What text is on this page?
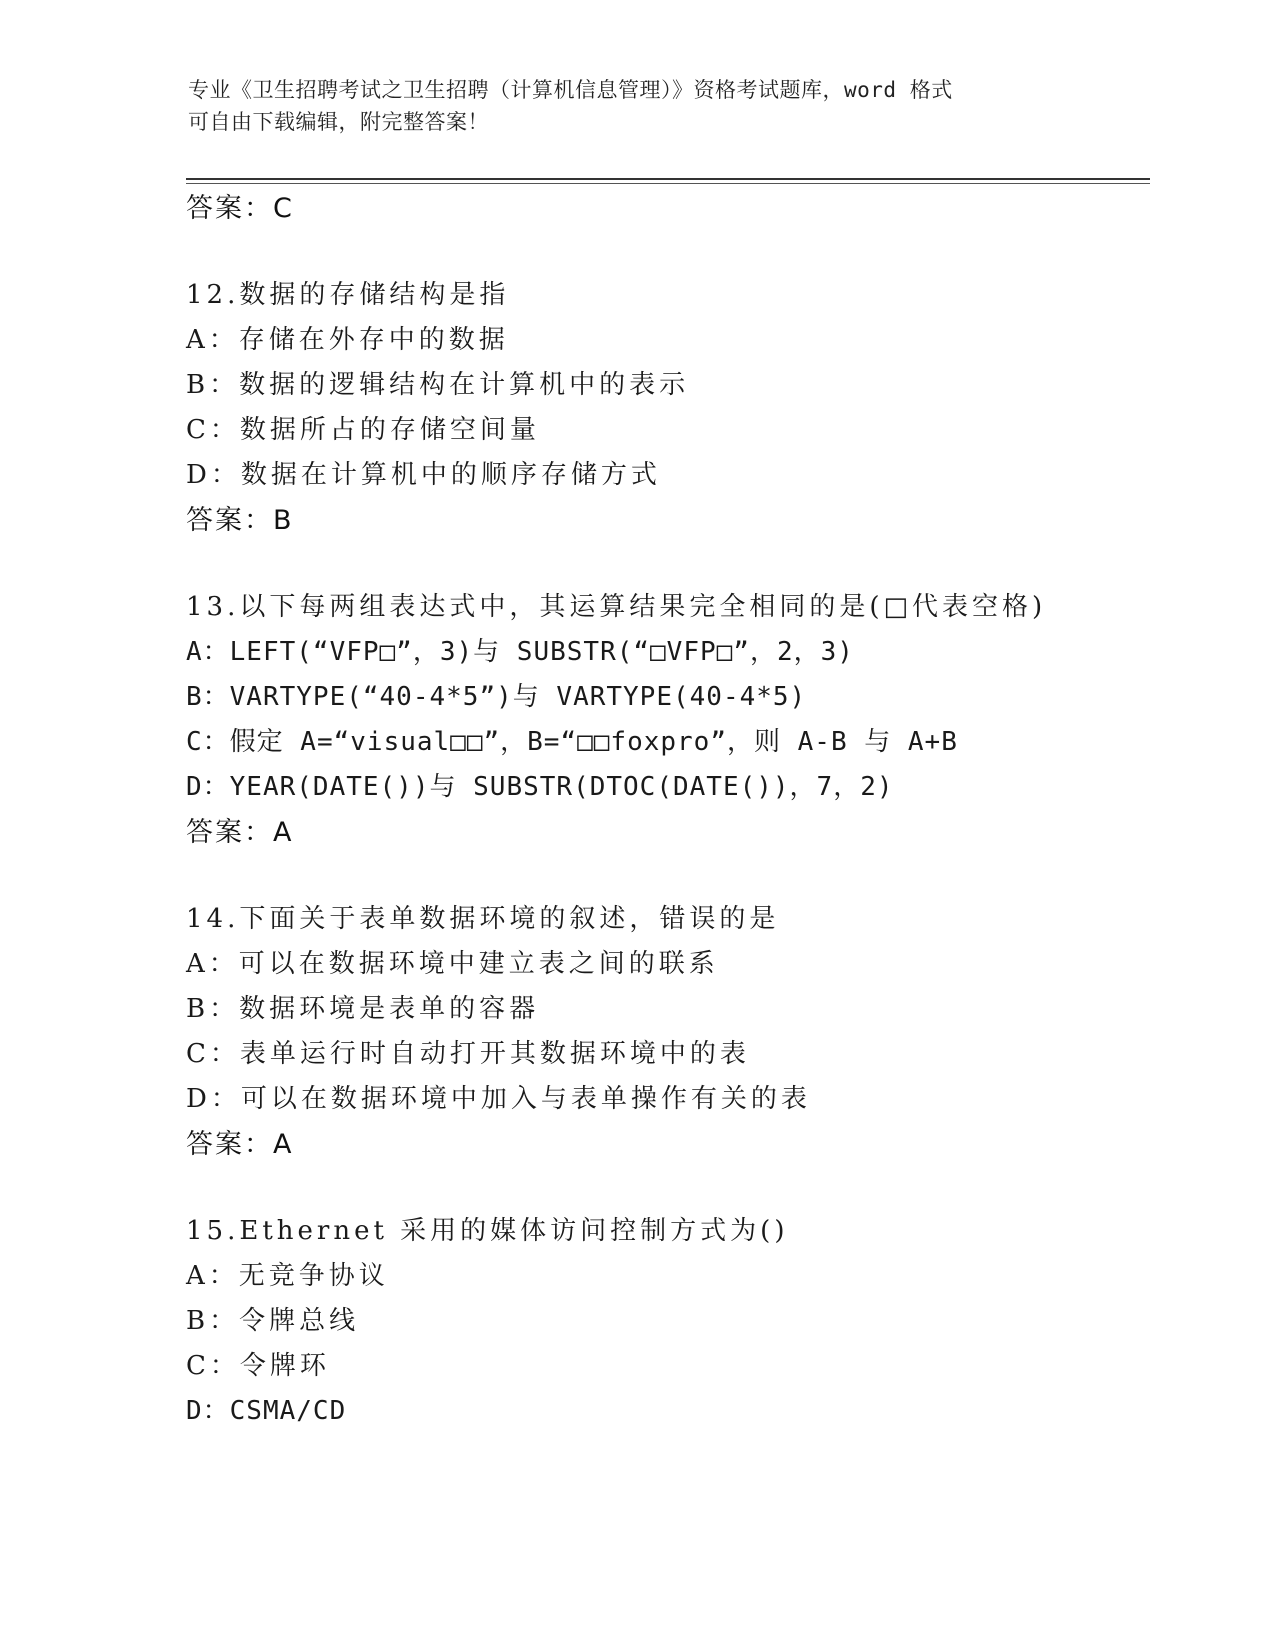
专业《卫生招聘考试之卫生招聘（计算机信息管理）》资格考试题库，word 格式
可自由下载编辑，附完整答案！
答案：C
12.数据的存储结构是指
A：存储在外存中的数据
B：数据的逻辑结构在计算机中的表示
C：数据所占的存储空间量
D：数据在计算机中的顺序存储方式
答案：B
13.以下每两组表达式中，其运算结果完全相同的是(□代表空格)
A：LEFT(“VFP□”，3)与 SUBSTR(“□VFP□”，2，3)
B：VARTYPE(“40-4*5”)与 VARTYPE(40-4*5)
C：假定 A=“visual□□”，B=“□□foxpro”，则 A-B 与 A+B
D：YEAR(DATE())与 SUBSTR(DTOC(DATE())，7，2)
答案：A
14.下面关于表单数据环境的叙述，错误的是
A：可以在数据环境中建立表之间的联系
B：数据环境是表单的容器
C：表单运行时自动打开其数据环境中的表
D：可以在数据环境中加入与表单操作有关的表
答案：A
15.Ethernet 采用的媒体访问控制方式为()
A：无竞争协议
B：令牌总线
C：令牌环
D：CSMA/CD
